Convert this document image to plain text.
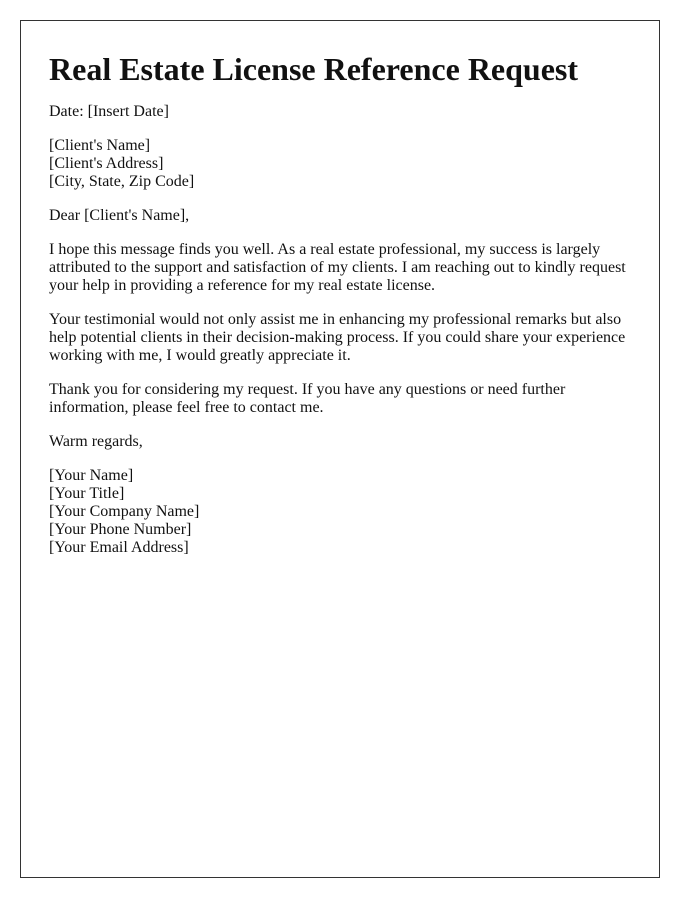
Real Estate License Reference Request
Date: [Insert Date]
[Client's Name]
[Client's Address]
[City, State, Zip Code]
Dear [Client's Name],
I hope this message finds you well. As a real estate professional, my success is largely
attributed to the support and satisfaction of my clients. I am reaching out to kindly request
your help in providing a reference for my real estate license.
Your testimonial would not only assist me in enhancing my professional remarks but also
help potential clients in their decision-making process. If you could share your experience
working with me, I would greatly appreciate it.
Thank you for considering my request. If you have any questions or need further
information, please feel free to contact me.
Warm regards,
[Your Name]
[Your Title]
[Your Company Name]
[Your Phone Number]
[Your Email Address]
